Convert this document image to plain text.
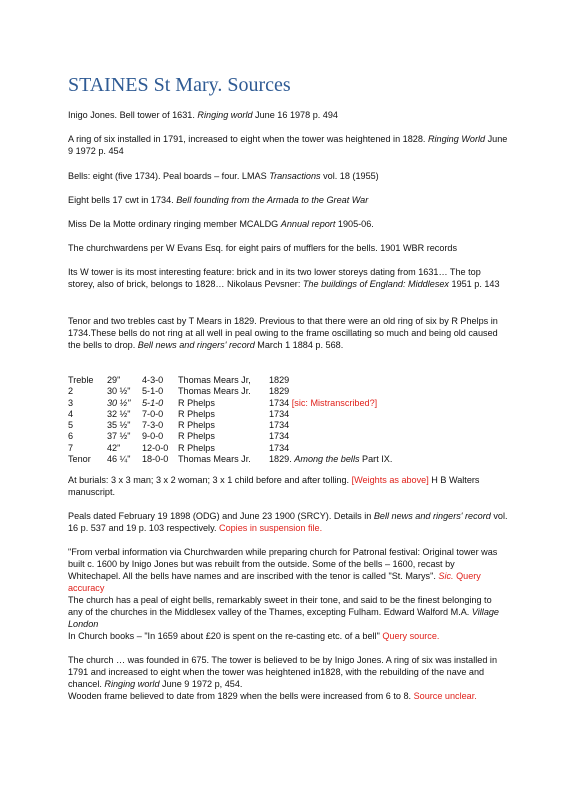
STAINES St Mary. Sources

Inigo Jones. Bell tower of 1631. Ringing world June 16 1978 p. 494

A ring of six installed in 1791, increased to eight when the tower was heightened in 1828. Ringing World June 9 1972 p. 454

Bells: eight (five 1734). Peal boards – four. LMAS Transactions vol. 18 (1955)

Eight bells 17 cwt in 1734. Bell founding from the Armada to the Great War

Miss De la Motte ordinary ringing member MCALDG Annual report 1905-06.

The churchwardens per W Evans Esq. for eight pairs of mufflers for the bells. 1901 WBR records

Its W tower is its most interesting feature: brick and in its two lower storeys dating from 1631… The top storey, also of brick, belongs to 1828… Nikolaus Pevsner: The buildings of England: Middlesex 1951 p. 143

Tenor and two trebles cast by T Mears in 1829. Previous to that there were an old ring of six by R Phelps in 1734.These bells do not ring at all well in peal owing to the frame oscillating so much and being old caused the bells to drop. Bell news and ringers' record March 1 1884 p. 568.

Treble	29"	4-3-0	Thomas Mears Jr,	1829
2	30 ½"	5-1-0	Thomas Mears Jr.	1829
3	30 ½"	5-1-0	R Phelps	1734 [sic: Mistranscribed?]
4	32 ½"	7-0-0	R Phelps	1734
5	35 ½"	7-3-0	R Phelps	1734
6	37 ½"	9-0-0	R Phelps	1734
7	42"	12-0-0	R Phelps	1734
Tenor	46 ¼"	18-0-0	Thomas Mears Jr.	1829. Among the bells Part IX.

At burials: 3 x 3 man; 3 x 2 woman; 3 x 1 child before and after tolling. [Weights as above] H B Walters manuscript.

Peals dated February 19 1898 (ODG) and June 23 1900 (SRCY). Details in Bell news and ringers' record vol. 16 p. 537 and 19 p. 103 respectively. Copies in suspension file.

"From verbal information via Churchwarden while preparing church for Patronal festival: Original tower was built c. 1600 by Inigo Jones but was rebuilt from the outside. Some of the bells – 1600, recast by Whitechapel. All the bells have names and are inscribed with the tenor is called "St. Marys". Sic. Query accuracy

The church has a peal of eight bells, remarkably sweet in their tone, and said to be the finest belonging to any of the churches in the Middlesex valley of the Thames, excepting Fulham. Edward Walford M.A. Village London

In Church books – "In 1659 about £20 is spent on the re-casting etc. of a bell" Query source.

The church … was founded in 675. The tower is believed to be by Inigo Jones. A ring of six was installed in 1791 and increased to eight when the tower was heightened in1828, with the rebuilding of the nave and chancel. Ringing world June 9 1972 p, 454.

Wooden frame believed to date from 1829 when the bells were increased from 6 to 8. Source unclear.
